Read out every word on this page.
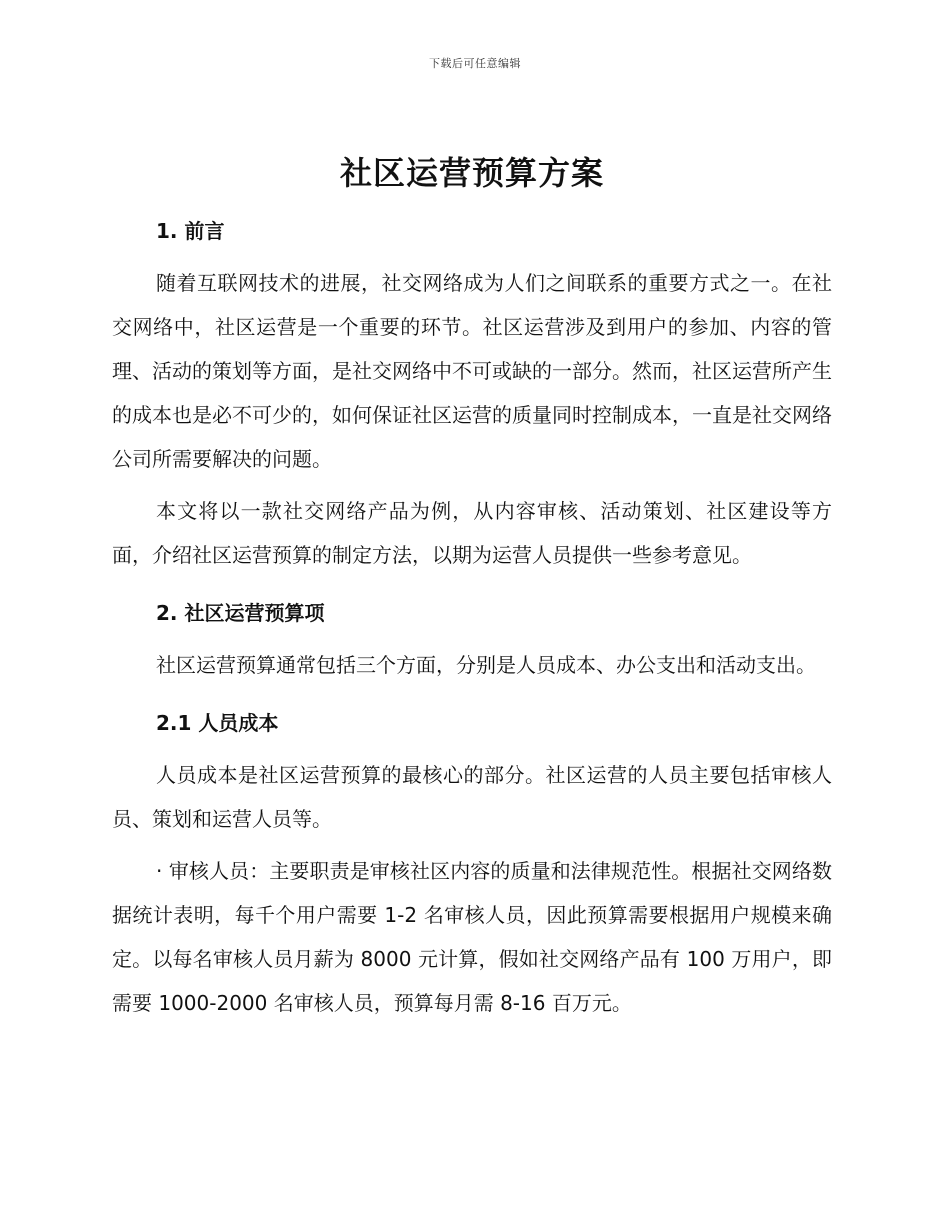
下载后可任意编辑
社区运营预算方案
1. 前言

随着互联网技术的进展，社交网络成为人们之间联系的重要方式之一。在社交网络中，社区运营是一个重要的环节。社区运营涉及到用户的参加、内容的管理、活动的策划等方面，是社交网络中不可或缺的一部分。然而，社区运营所产生的成本也是必不可少的，如何保证社区运营的质量同时控制成本，一直是社交网络公司所需要解决的问题。

本文将以一款社交网络产品为例，从内容审核、活动策划、社区建设等方面，介绍社区运营预算的制定方法，以期为运营人员提供一些参考意见。

2. 社区运营预算项

社区运营预算通常包括三个方面，分别是人员成本、办公支出和活动支出。

2.1 人员成本

人员成本是社区运营预算的最核心的部分。社区运营的人员主要包括审核人员、策划和运营人员等。

· 审核人员：主要职责是审核社区内容的质量和法律规范性。根据社交网络数据统计表明，每千个用户需要 1-2 名审核人员，因此预算需要根据用户规模来确定。以每名审核人员月薪为 8000 元计算，假如社交网络产品有 100 万用户，即需要 1000-2000 名审核人员，预算每月需 8-16 百万元。
